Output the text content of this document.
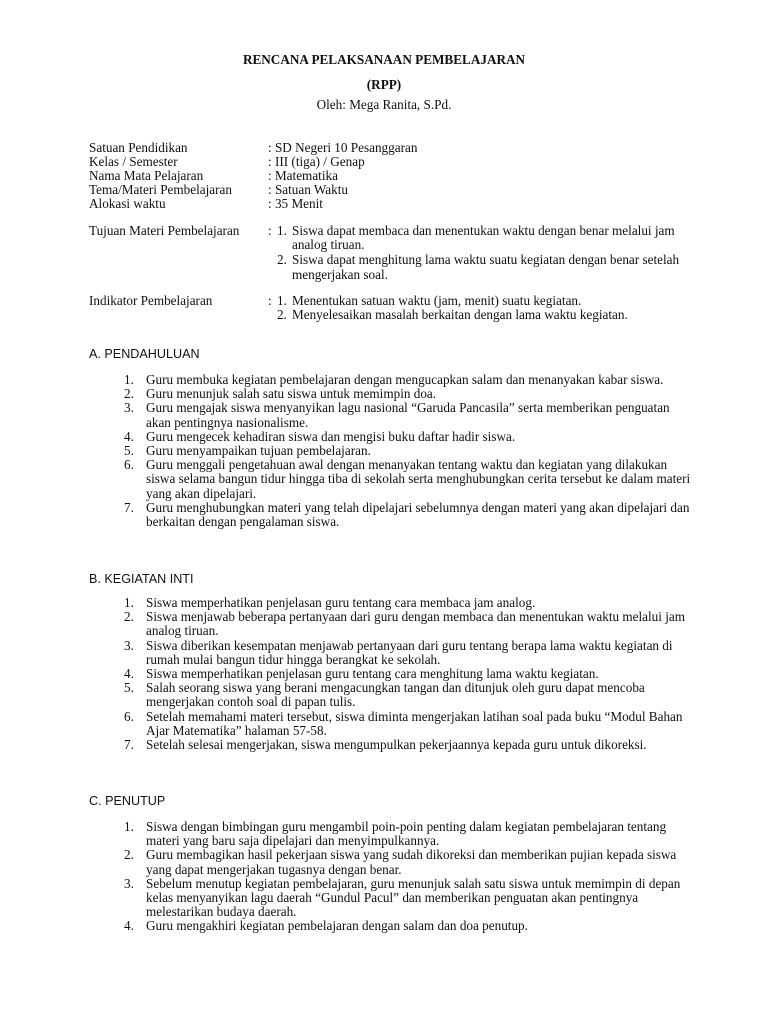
RENCANA PELAKSANAAN PEMBELAJARAN
(RPP)
Oleh: Mega Ranita, S.Pd.
Satuan Pendidikan	: SD Negeri 10 Pesanggaran
Kelas / Semester	: III (tiga) / Genap
Nama Mata Pelajaran	: Matematika
Tema/Materi Pembelajaran	: Satuan Waktu
Alokasi waktu	: 35 Menit
Tujuan Materi Pembelajaran : 1. Siswa dapat membaca dan menentukan waktu dengan benar melalui jam analog tiruan.
2. Siswa dapat menghitung lama waktu suatu kegiatan dengan benar setelah mengerjakan soal.
Indikator Pembelajaran	: 1. Menentukan satuan waktu (jam, menit) suatu kegiatan.
2. Menyelesaikan masalah berkaitan dengan lama waktu kegiatan.
A. PENDAHULUAN
1. Guru membuka kegiatan pembelajaran dengan mengucapkan salam dan menanyakan kabar siswa.
2. Guru menunjuk salah satu siswa untuk memimpin doa.
3. Guru mengajak siswa menyanyikan lagu nasional “Garuda Pancasila” serta memberikan penguatan akan pentingnya nasionalisme.
4. Guru mengecek kehadiran siswa dan mengisi buku daftar hadir siswa.
5. Guru menyampaikan tujuan pembelajaran.
6. Guru menggali pengetahuan awal dengan menanyakan tentang waktu dan kegiatan yang dilakukan siswa selama bangun tidur hingga tiba di sekolah serta menghubungkan cerita tersebut ke dalam materi yang akan dipelajari.
7. Guru menghubungkan materi yang telah dipelajari sebelumnya dengan materi yang akan dipelajari dan berkaitan dengan pengalaman siswa.
B. KEGIATAN INTI
1. Siswa memperhatikan penjelasan guru tentang cara membaca jam analog.
2. Siswa menjawab beberapa pertanyaan dari guru dengan membaca dan menentukan waktu melalui jam analog tiruan.
3. Siswa diberikan kesempatan menjawab pertanyaan dari guru tentang berapa lama waktu kegiatan di rumah mulai bangun tidur hingga berangkat ke sekolah.
4. Siswa memperhatikan penjelasan guru tentang cara menghitung lama waktu kegiatan.
5. Salah seorang siswa yang berani mengacungkan tangan dan ditunjuk oleh guru dapat mencoba mengerjakan contoh soal di papan tulis.
6. Setelah memahami materi tersebut, siswa diminta mengerjakan latihan soal pada buku “Modul Bahan Ajar Matematika” halaman 57-58.
7. Setelah selesai mengerjakan, siswa mengumpulkan pekerjaannya kepada guru untuk dikoreksi.
C. PENUTUP
1. Siswa dengan bimbingan guru mengambil poin-poin penting dalam kegiatan pembelajaran tentang materi yang baru saja dipelajari dan menyimpulkannya.
2. Guru membagikan hasil pekerjaan siswa yang sudah dikoreksi dan memberikan pujian kepada siswa yang dapat mengerjakan tugasnya dengan benar.
3. Sebelum menutup kegiatan pembelajaran, guru menunjuk salah satu siswa untuk memimpin di depan kelas menyanyikan lagu daerah “Gundul Pacul” dan memberikan penguatan akan pentingnya melestarikan budaya daerah.
4. Guru mengakhiri kegiatan pembelajaran dengan salam dan doa penutup.
